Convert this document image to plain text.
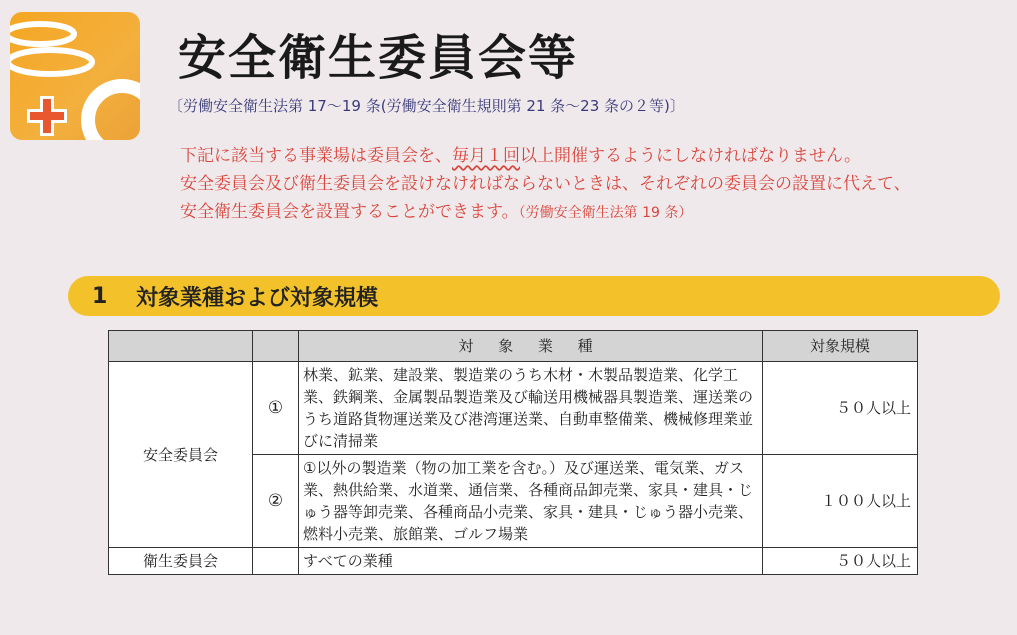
安全衛生委員会等
〔労働安全衛生法第 17〜19 条(労働安全衛生規則第 21 条〜23 条の２等)〕
下記に該当する事業場は委員会を、毎月１回以上開催するようにしなければなりません。
安全委員会及び衛生委員会を設けなければならないときは、それぞれの委員会の設置に代えて、
安全衛生委員会を設置することができます。（労働安全衛生法第 19 条）
1	対象業種および対象規模
		対 象 業 種	対象規模
安全委員会	①	林業、鉱業、建設業、製造業のうち木材・木製品製造業、化学工業、鉄鋼業、金属製品製造業及び輸送用機械器具製造業、運送業のうち道路貨物運送業及び港湾運送業、自動車整備業、機械修理業並びに清掃業	５０人以上
	②	①以外の製造業（物の加工業を含む。）及び運送業、電気業、ガス業、熱供給業、水道業、通信業、各種商品卸売業、家具・建具・じゅう器等卸売業、各種商品小売業、家具・建具・じゅう器小売業、燃料小売業、旅館業、ゴルフ場業	１００人以上
衛生委員会		すべての業種	５０人以上
